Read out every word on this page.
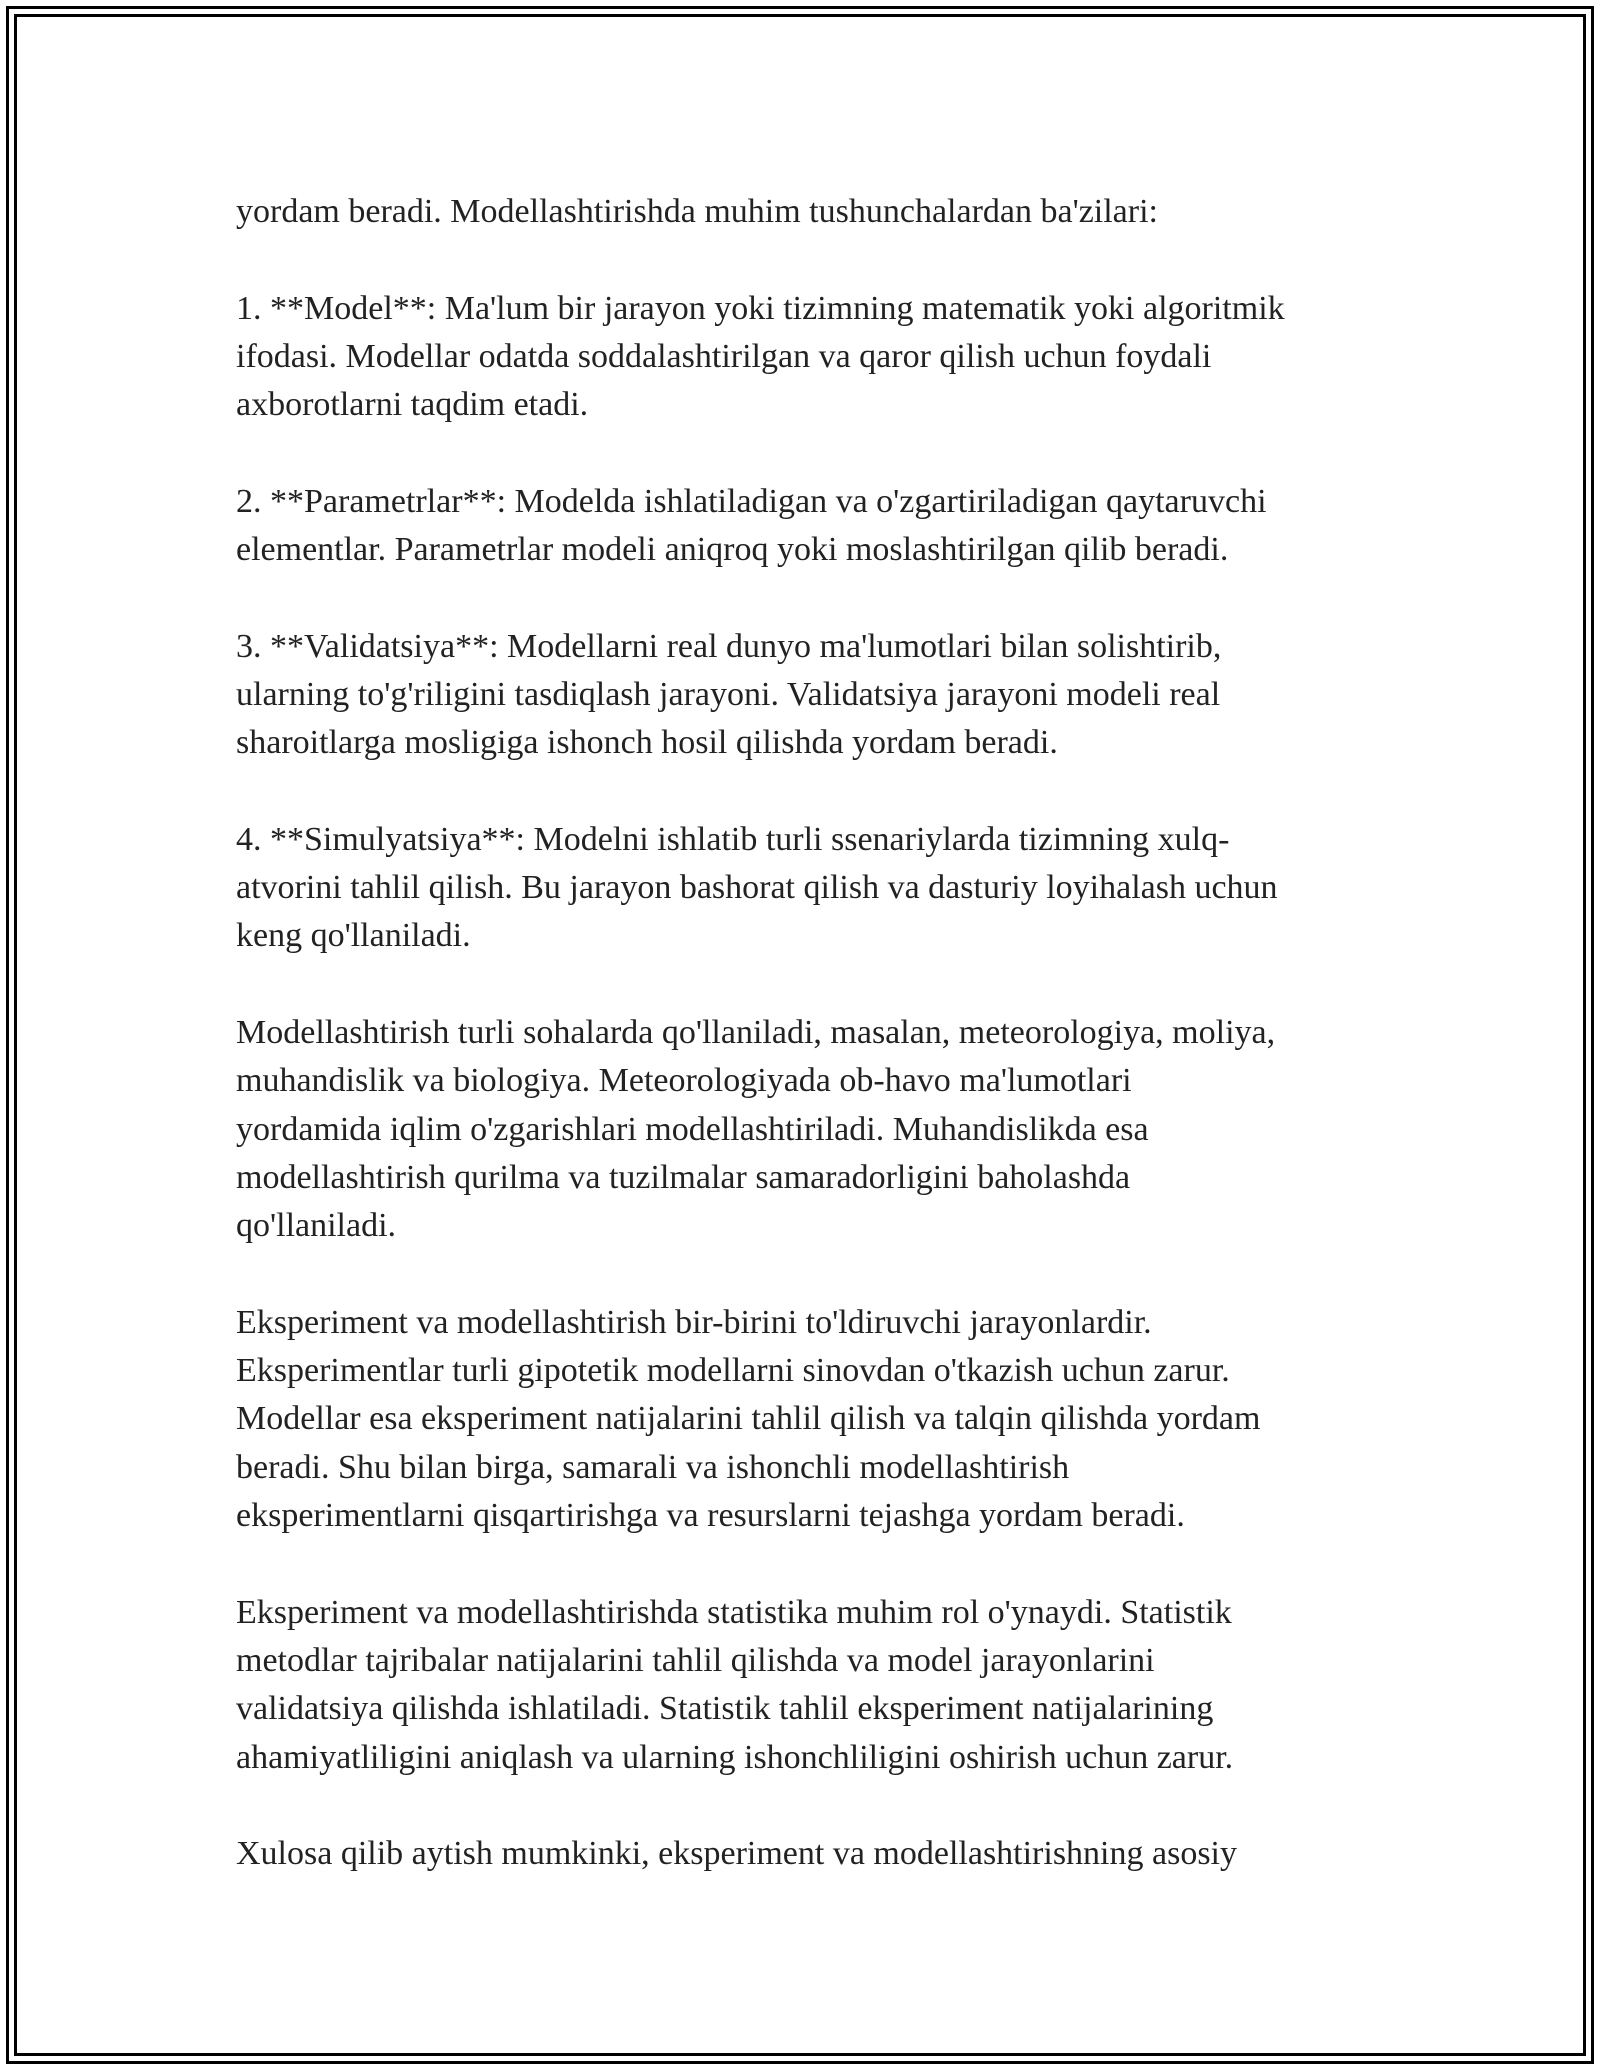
yordam beradi. Modellashtirishda muhim tushunchalardan ba'zilari:

1. **Model**: Ma'lum bir jarayon yoki tizimning matematik yoki algoritmik
ifodasi. Modellar odatda soddalashtirilgan va qaror qilish uchun foydali
axborotlarni taqdim etadi.

2. **Parametrlar**: Modelda ishlatiladigan va o'zgartiriladigan qaytaruvchi
elementlar. Parametrlar modeli aniqroq yoki moslashtirilgan qilib beradi.

3. **Validatsiya**: Modellarni real dunyo ma'lumotlari bilan solishtirib,
ularning to'g'riligini tasdiqlash jarayoni. Validatsiya jarayoni modeli real
sharoitlarga mosligiga ishonch hosil qilishda yordam beradi.

4. **Simulyatsiya**: Modelni ishlatib turli ssenariylarda tizimning xulq-
atvorini tahlil qilish. Bu jarayon bashorat qilish va dasturiy loyihalash uchun
keng qo'llaniladi.

Modellashtirish turli sohalarda qo'llaniladi, masalan, meteorologiya, moliya,
muhandislik va biologiya. Meteorologiyada ob-havo ma'lumotlari
yordamida iqlim o'zgarishlari modellashtiriladi. Muhandislikda esa
modellashtirish qurilma va tuzilmalar samaradorligini baholashda
qo'llaniladi.

Eksperiment va modellashtirish bir-birini to'ldiruvchi jarayonlardir.
Eksperimentlar turli gipotetik modellarni sinovdan o'tkazish uchun zarur.
Modellar esa eksperiment natijalarini tahlil qilish va talqin qilishda yordam
beradi. Shu bilan birga, samarali va ishonchli modellashtirish
eksperimentlarni qisqartirishga va resurslarni tejashga yordam beradi.

Eksperiment va modellashtirishda statistika muhim rol o'ynaydi. Statistik
metodlar tajribalar natijalarini tahlil qilishda va model jarayonlarini
validatsiya qilishda ishlatiladi. Statistik tahlil eksperiment natijalarining
ahamiyatliligini aniqlash va ularning ishonchliligini oshirish uchun zarur.

Xulosa qilib aytish mumkinki, eksperiment va modellashtirishning asosiy
